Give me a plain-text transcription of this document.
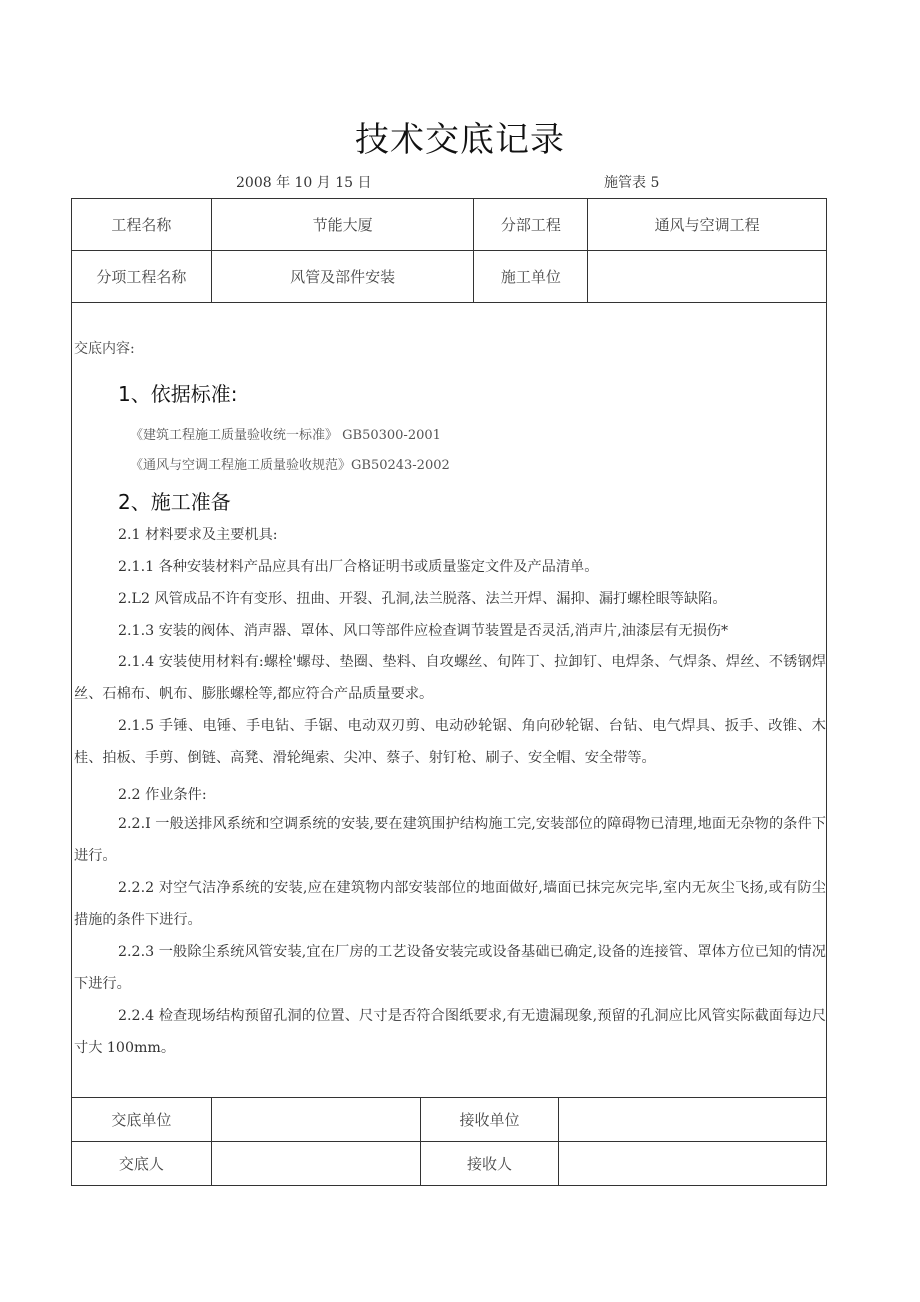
技术交底记录
2008 年 10 月 15 日	施管表 5
工程名称	节能大厦	分部工程	通风与空调工程
分项工程名称	风管及部件安装	施工单位	
交底内容:
1、依据标准:
《建筑工程施工质量验收统一标准》 GB50300-2001
《通风与空调工程施工质量验收规范》GB50243-2002
2、施工准备

2.1 材料要求及主要机具:

2.1.1 各种安装材料产品应具有出厂合格证明书或质量鉴定文件及产品清单。

2.L2 风管成品不许有变形、扭曲、开裂、孔洞,法兰脱落、法兰开焊、漏抑、漏打螺栓眼等缺陷。

2.1.3 安装的阀体、消声器、罩体、风口等部件应检查调节装置是否灵活,消声片,油漆层有无损伤*

2.1.4 安装使用材料有:螺栓'螺母、垫圈、垫料、自攻螺丝、旬阵丁、拉卸钉、电焊条、气焊条、焊丝、不锈钢焊丝、石棉布、帆布、膨胀螺栓等,都应符合产品质量要求。

2.1.5 手锤、电锤、手电钻、手锯、电动双刃剪、电动砂轮锯、角向砂轮锯、台钻、电气焊具、扳手、改锥、木桂、拍板、手剪、倒链、高凳、滑轮绳索、尖冲、蔡子、射钉枪、刷子、安全帽、安全带等。

2.2 作业条件:

2.2.I 一般送排风系统和空调系统的安装,要在建筑围护结构施工完,安装部位的障碍物已清理,地面无杂物的条件下进行。

2.2.2 对空气洁净系统的安装,应在建筑物内部安装部位的地面做好,墙面已抹完灰完毕,室内无灰尘飞扬,或有防尘措施的条件下进行。

2.2.3 一般除尘系统风管安装,宜在厂房的工艺设备安装完或设备基础已确定,设备的连接管、罩体方位已知的情况下进行。

2.2.4 检查现场结构预留孔洞的位置、尺寸是否符合图纸要求,有无遗漏现象,预留的孔洞应比风管实际截面每边尺寸大 100mm。

交底单位		接收单位	
交底人		接收人	
